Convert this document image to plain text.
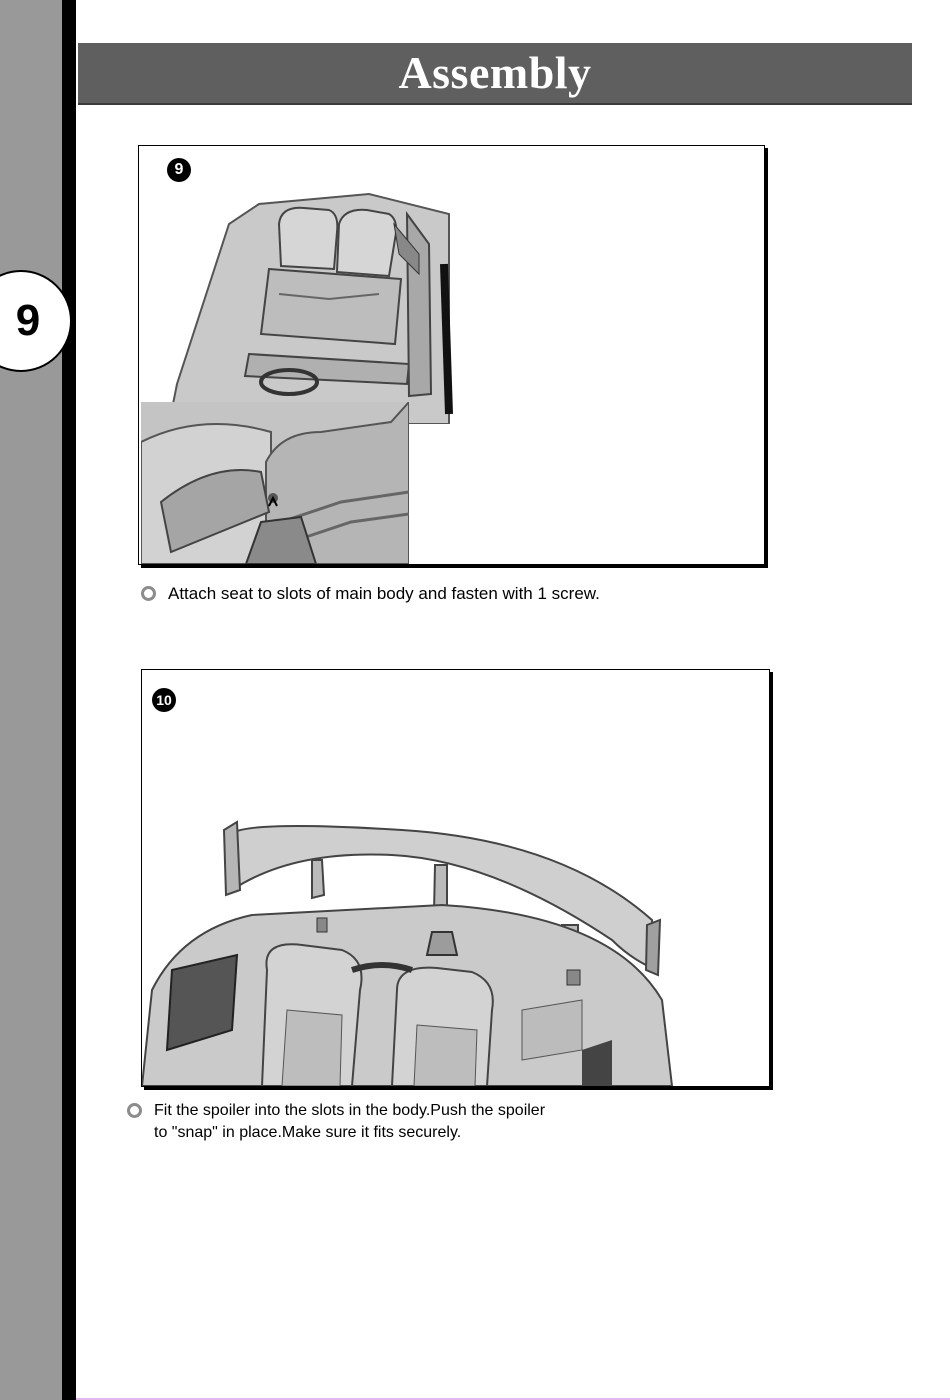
Assembly
9
9
Attach seat to slots of main body and fasten with 1 screw.
10
Fit the spoiler into the slots in the body.Push the spoiler
to "snap" in place.Make sure it fits securely.
